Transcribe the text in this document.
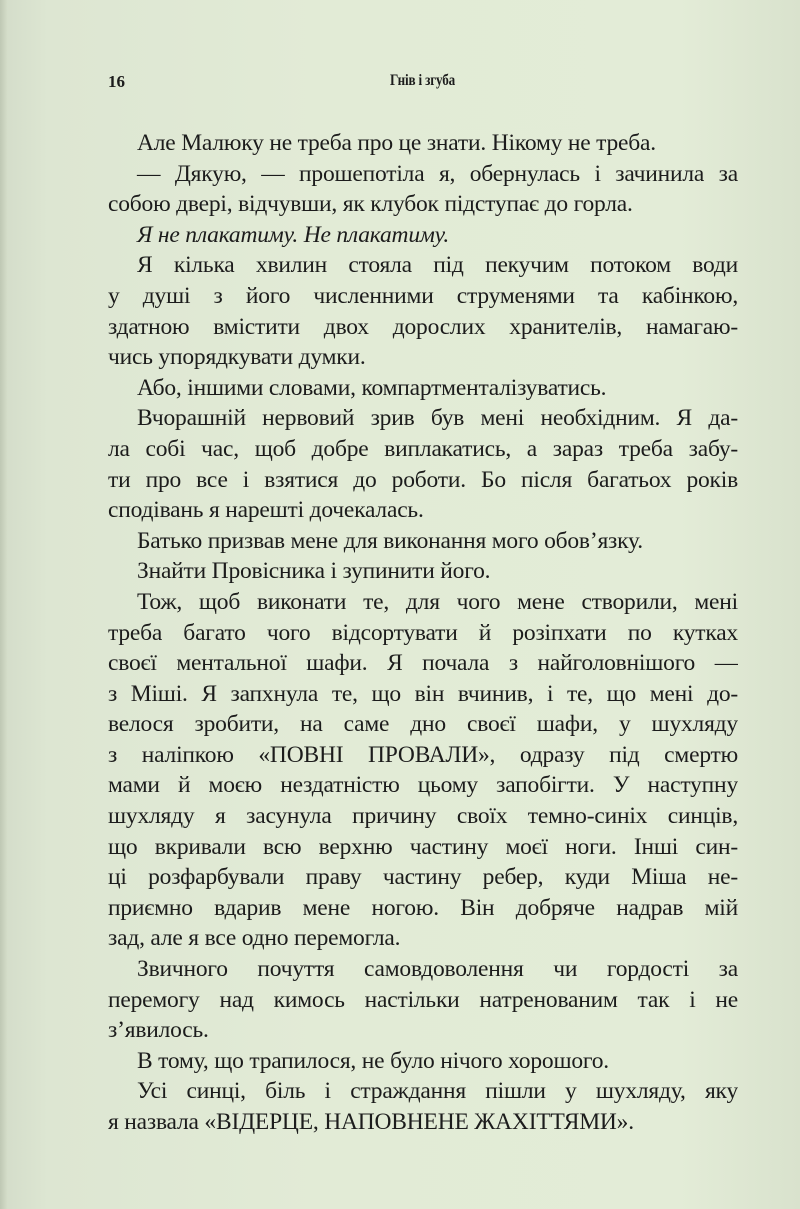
16	Гнів і згуба
Але Малюку не треба про це знати. Нікому не треба.
— Дякую, — прошепотіла я, обернулась і зачинила за
собою двері, відчувши, як клубок підступає до горла.
Я не плакатиму. Не плакатиму.
Я кілька хвилин стояла під пекучим потоком води
у душі з його численними струменями та кабінкою,
здатною вмістити двох дорослих хранителів, намагаю-
чись упорядкувати думки.
Або, іншими словами, компартменталізуватись.
Вчорашній нервовий зрив був мені необхідним. Я да-
ла собі час, щоб добре виплакатись, а зараз треба забу-
ти про все і взятися до роботи. Бо після багатьох років
сподівань я нарешті дочекалась.
Батько призвав мене для виконання мого обов’язку.
Знайти Провісника і зупинити його.
Тож, щоб виконати те, для чого мене створили, мені
треба багато чого відсортувати й розіпхати по кутках
своєї ментальної шафи. Я почала з найголовнішого —
з Міші. Я запхнула те, що він вчинив, і те, що мені до-
велося зробити, на саме дно своєї шафи, у шухляду
з наліпкою «ПОВНІ ПРОВАЛИ», одразу під смертю
мами й моєю нездатністю цьому запобігти. У наступну
шухляду я засунула причину своїх темно-синіх синців,
що вкривали всю верхню частину моєї ноги. Інші син-
ці розфарбували праву частину ребер, куди Міша не-
приємно вдарив мене ногою. Він добряче надрав мій
зад, але я все одно перемогла.
Звичного почуття самовдоволення чи гордості за
перемогу над кимось настільки натренованим так і не
з’явилось.
В тому, що трапилося, не було нічого хорошого.
Усі синці, біль і страждання пішли у шухляду, яку
я назвала «ВІДЕРЦЕ, НАПОВНЕНЕ ЖАХІТТЯМИ».
